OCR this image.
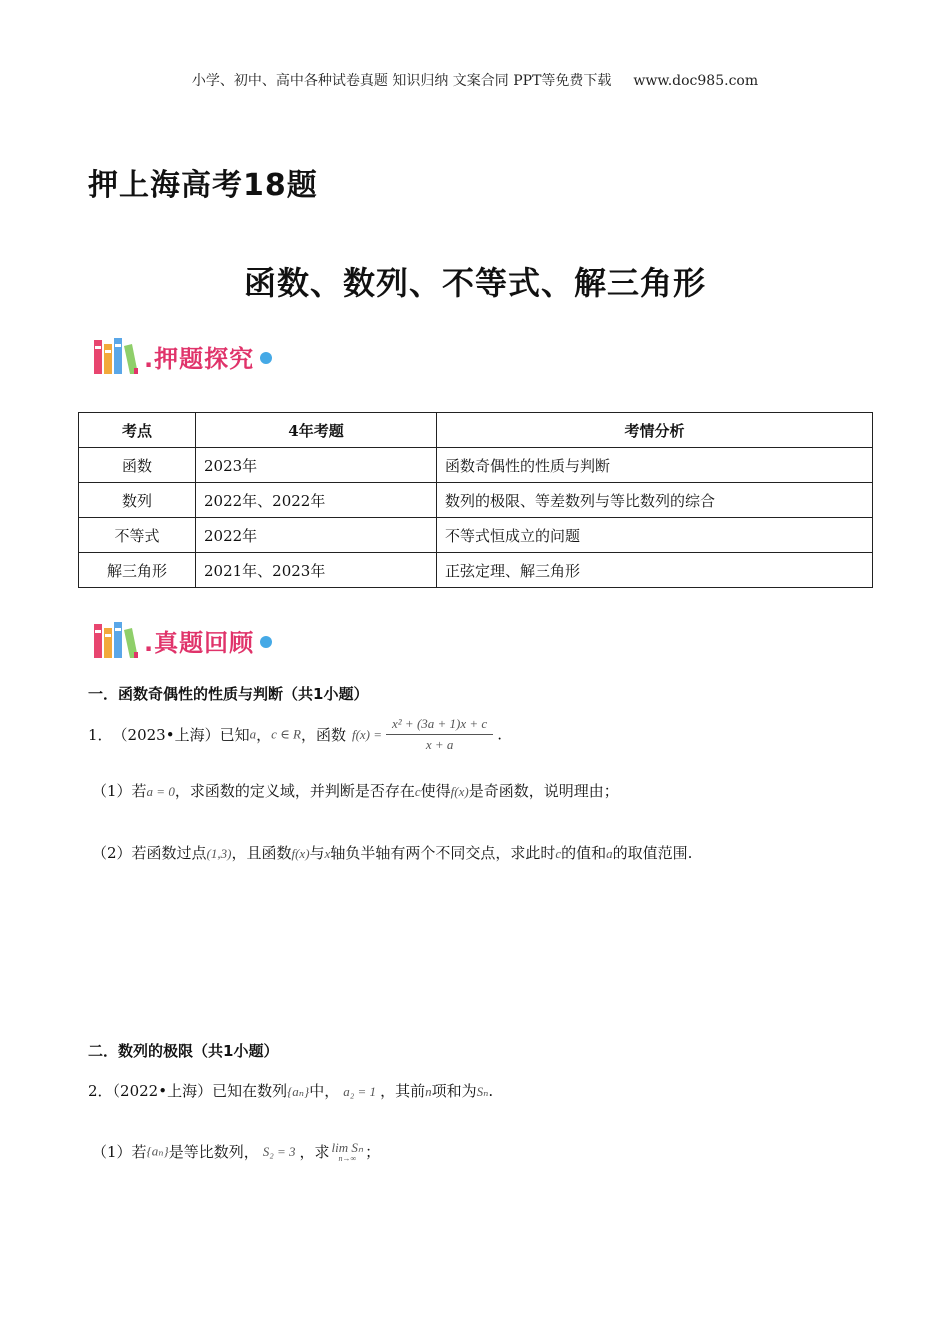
小学、初中、高中各种试卷真题 知识归纳 文案合同 PPT等免费下载 www.doc985.com
押上海高考18题
函数、数列、不等式、解三角形
.押题探究
考点	4年考题	考情分析
函数	2023年	函数奇偶性的性质与判断
数列	2022年、2022年	数列的极限、等差数列与等比数列的综合
不等式	2022年	不等式恒成立的问题
解三角形	2021年、2023年	正弦定理、解三角形
.真题回顾
一．函数奇偶性的性质与判断（共1小题）
1．（2023•上海）已知a，c ∈ R，函数 $f(x) = \frac{\text{x² + (3a + 1)x + c}}{x + a}$ .
（1）若a = 0，求函数的定义域，并判断是否存在c使得f(x)是奇函数，说明理由；
（2）若函数过点(1,3)，且函数f(x)与x轴负半轴有两个不同交点，求此时c的值和a的取值范围.
二．数列的极限（共1小题）
2．（2022•上海）已知在数列{aₙ}中， a₂ = 1 ，其前n项和为Sₙ.
（1）若{aₙ}是等比数列， S₂ = 3 ，求 lim Sₙ
n→∞ ；
